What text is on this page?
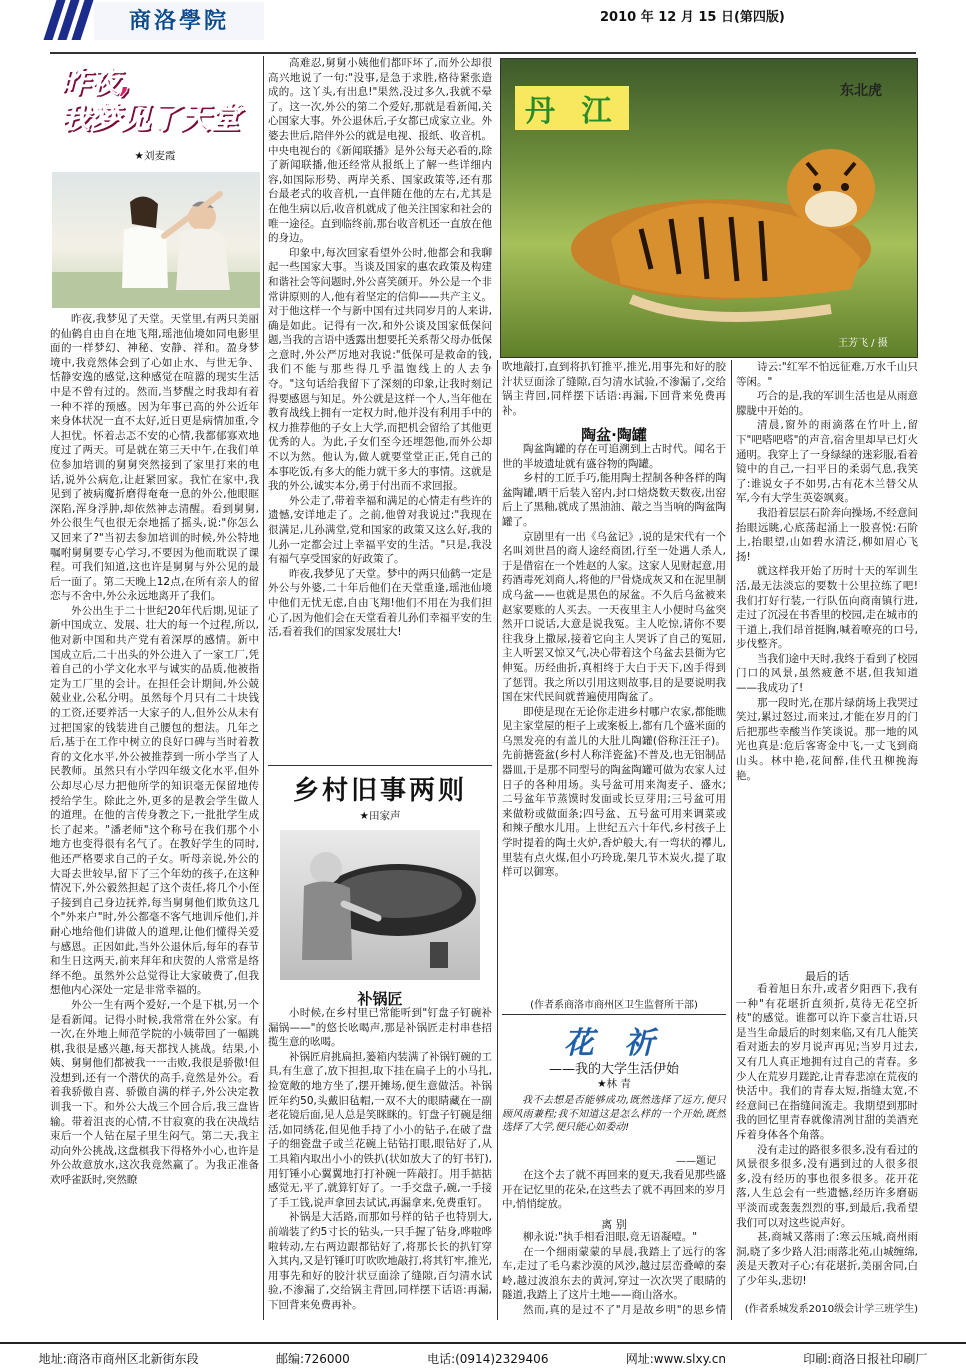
商洛學院	2010 年 12 月 15 日(第四版)
昨夜,
我梦见了天堂
★刘麦霞

昨夜,我梦见了天堂。天堂里,有两只美丽的仙鹤自由自在地飞翔,瑶池仙境如同电影里面的一样梦幻、神秘、安静、祥和。盈身梦境中,我竟然体会到了心如止水、与世无争、恬静安逸的感觉,这种感觉在喧嚣的现实生活中是不曾有过的。然而,当梦醒之时我却有着一种不祥的预感。因为年事已高的外公近年来身体状况一直不太好,近日更是病情加重,令人担忧。怀着忐忑不安的心情,我都郁寡欢地度过了两天。可是就在第三天中午,在我们单位参加培训的舅舅突然接到了家里打来的电话,说外公病危,让赶紧回家。我忙在家中,我见到了被病魔折磨得奄奄一息的外公,他眼眶深陷,浑身浮肿,却依然神志清醒。看到舅舅,外公很生气也很无奈地摇了摇头,说:"你怎么又回来了?"当初去参加培训的时候,外公特地嘱咐舅舅要专心学习,不要因为他而耽误了课程。可我们知道,这也许是舅舅与外公见的最后一面了。第二天晚上12点,在所有亲人的留恋与不舍中,外公永远地离开了我们。

外公出生于二十世纪20年代后期,见证了新中国成立、发展、壮大的每一个过程,所以,他对新中国和共产党有着深厚的感情。新中国成立后,二十出头的外公进入了一家工厂,凭着自己的小学文化水平与诚实的品质,他被指定为工厂里的会计。在担任会计期间,外公兢兢业业,公私分明。虽然每个月只有二十块钱的工资,还要养活一大家子的人,但外公从未有过把国家的钱装进自己腰包的想法。几年之后,基于在工作中树立的良好口碑与当时着教育的文化水平,外公被推荐到一所小学当了人民教师。虽然只有小学四年级文化水平,但外公却尽心尽力把他所学的知识毫无保留地传授给学生。除此之外,更多的是教会学生做人的道理。在他的言传身教之下,一批批学生成长了起来。"潘老师"这个称号在我们那个小地方也变得很有名气了。在教好学生的同时,他还严格要求自己的子女。听母亲说,外公的大哥去世较早,留下了三个年幼的孩子,在这种情况下,外公毅然担起了这个责任,将几个小侄子接到自己身边抚养,每当舅舅他们欺负这几个"外来户"时,外公都毫不客气地训斥他们,并耐心地给他们讲做人的道理,让他们懂得关爱与感恩。正因如此,当外公退休后,每年的春节和生日这两天,前来拜年和庆贺的人常常是络绎不绝。虽然外公总觉得让大家破费了,但我想他内心深处一定是非常幸福的。

外公一生有两个爱好,一个是下棋,另一个是看新闻。记得小时候,我常常在外公家。有一次,在外地上师范学院的小姨带回了一幅跳棋,我很是感兴趣,每天都找人挑战。结果,小姨、舅舅他们都被我一一击败,我很是骄傲!但没想到,还有一个潜伏的高手,竟然是外公。看着我骄傲自喜、骄傲自满的样子,外公决定教训我一下。和外公大战三个回合后,我三盘皆输。带着沮丧的心情,不甘寂寞的我在决战结束后一个人钻在屋子里生闷气。第二天,我主动向外公挑战,这盘棋我下得格外小心,也许是外公故意放水,这次我竟然赢了。为我正准备欢呼雀跃时,突然瞭

高难忍,舅舅小姨他们都吓坏了,而外公却很高兴地说了一句:"没事,是急于求胜,格待紧张造成的。这丫头,有出息!"果然,没过多久,我就不晕了。这一次,外公的第二个爱好,那就是看新闻,关心国家大事。外公退休后,子女都已成家立业。外婆去世后,陪伴外公的就是电视、报纸、收音机。中央电视台的《新闻联播》是外公每天必看的,除了新闻联播,他还经常从报纸上了解一些详细内容,如国际形势、两岸关系、国家政策等,还有那台最老式的收音机,一直伴随在他的左右,尤其是在他生病以后,收音机就成了他关注国家和社会的唯一途径。直到临终前,那台收音机还一直放在他的身边。

印象中,每次回家看望外公时,他都会和我聊起一些国家大事。当谈及国家的惠农政策及构建和谐社会等问题时,外公喜笑颜开。外公是一个非常讲原则的人,他有着坚定的信仰——共产主义。对于他这样一个与新中国有过共同岁月的人来讲,确是如此。记得有一次,和外公谈及国家低保问题,当我的言语中透露出想要托关系帮父母办低保之意时,外公严厉地对我说:"低保可是救命的钱,我们不能与那些得几乎温饱线上的人去争夺。"这句话给我留下了深刻的印象,让我时刻记得要感恩与知足。外公就是这样一个人,当年他在教育战线上拥有一定权力时,他并没有利用手中的权力推荐他的子女上大学,而把机会留给了其他更优秀的人。为此,子女们至今还埋怨他,而外公却不以为然。他认为,做人就要堂堂正正,凭自己的本事吃饭,有多大的能力就干多大的事情。这就是我的外公,诚实本分,勇于付出而不求回报。

外公走了,带着幸福和满足的心情走有些许的遗憾,安详地走了。之前,他曾对我说过:"我现在很满足,儿孙满堂,党和国家的政策又这么好,我的儿孙一定都会过上幸福平安的生活。"只是,我没有福气享受国家的好政策了。

昨夜,我梦见了天堂。梦中的两只仙鹤一定是外公与外婆,二十年后他们在天堂重逢,瑶池仙境中他们无忧无虑,自由飞翔!他们不用在为我们担心了,因为他们会在天堂看着儿孙们幸福平安的生活,看着我们的国家发展壮大!

乡村旧事两则
★田家声
补锅匠

小时候,在乡村里已常能听到"钉盘子钉碗补漏锅——"的悠长吆喝声,那是补锅匠走村串巷招揽生意的吆喝。

补锅匠肩挑扁担,篓箱内装满了补锅钉碗的工具,有生意了,放下担担,取下挂在扁子上的小马扎,捡宽敞的地方坐了,摆开摊场,便生意做活。补锅匠年约50,头戴旧毡帽,一双不大的眼睛藏在一副老花镜后面,见人总是笑眯眯的。钉盘子钉碗是细活,如同绣花,但见他手持了小小的钻子,在破了盘子的细瓷盘子或兰花碗上钻钻打眼,眼钻好了,从工具箱内取出小小的铁扒(状如放大了的钉书钉),用钉锤小心翼翼地打打补碗一阵敲打。用手掂掂感觉无,平了,就算钉好了。一手交盘子,碗,一手接了手工钱,说声拿回去试试,再漏拿来,免费重钉。

补锅是大活路,而那如号样的钻子也特别大,前端装了约5寸长的钻头,一只手握了钻身,哗啦哗啦转动,左右两边跟都钻好了,将那长长的扒钉穿入其内,又是钉锤叮叮吹吹地敲打,将其钉牢,推光,用事先和好的胶汁状豆面涂了缝隙,百匀清水试验,不渗漏了,交给锅主背回,同样摆下话语:再漏,下回背来免费再补。

丹 江
东北虎
王芳飞 / 摄

吹地敲打,直到将扒钉推平,推光,用事先和好的胶汁状豆面涂了缝隙,百匀清水试验,不渗漏了,交给锅主背回,同样摆下话语:再漏,下回背来免费再补。

陶盆·陶罐

陶盆陶罐的存在可追溯到上古时代。闻名于世的半坡遗址就有盛谷物的陶罐。

乡村的工匠手巧,能用陶土捏制各种各样的陶盆陶罐,晒干后装入窑内,封口焙烧数天数夜,出窑后上了黑釉,就成了黑油油、敲之当当响的陶盆陶罐了。

京剧里有一出《乌盆记》,说的是宋代有一个名叫刘世昌的商人途经商团,行至一处遇人杀人,于是借宿在一个姓赵的人家。这家人见财起意,用药酒毒死刘商人,将他的尸骨烧成灰又和在泥里制成乌盆——也就是黑色的尿盆。不久后乌盆被来赵家要账的人买去。一天夜里主人小便时乌盆突然开口说话,大意是说我冤。主人吃惊,请你不要往我身上撒尿,接着它向主人哭诉了自己的冤屈,主人听罢又惊又气,决心带着这个乌盆去县衙为它伸冤。历经曲折,真相终于大白于天下,凶手得到了惩罚。我之所以引用这则故事,目的是要说明我国在宋代民间就普遍使用陶盆了。

即使是现在无论你走进乡村哪户农家,都能瞧见主家堂屋的柜子上或案板上,都有几个盛米面的乌黑发亮的有盖儿的大肚儿陶罐(俗称汪汪子)。先前搪瓷盆(乡村人称洋瓷盆)不普及,也无铝制品器皿,于是那不同型号的陶盆陶罐可做为农家人过日子的各种用场。头号盆可用来淘麦子、盛水;二号盆年节蒸馍时发面或长豆芽用;三号盆可用来做粉或做面条;四号盆、五号盆可用来调菜或和辣子酿水儿用。上世纪五六十年代,乡村孩子上学时提着的陶土火炉,香炉般大,有一弯状的襻儿,里装有点火煤,但小巧玲珑,架几节木炭火,提了取样可以御寒。

(作者系商洛市商州区卫生监督所干部)
花 祈
——我的大学生活伊始
★林 青

我不去想是否能够成功,既然选择了远方,便只顾风雨兼程;我不知道这是怎么样的一个开始,既然选择了大学,便只能心如委动!

——题记

在这个去了就不再回来的夏天,我看见那些盛开在记忆里的花朵,在这些去了就不再回来的岁月中,悄悄绽放。

离 别

柳永说:"执手相看泪眼,竟无语凝噎。"

在一个细雨蒙蒙的早晨,我踏上了远行的客车,走过了毛乌素沙漠的风沙,越过层峦叠嶂的秦岭,越过波浪东去的黄河,穿过一次次哭了眼睛的隧道,我踏上了这片土地——商山洛水。

然而,真的是过不了"月是故乡明"的思乡情

诗云:"红军不怕远征难,万水千山只等闲。"

巧合的是,我的军训生活也是从雨意朦胧中开始的。

清晨,窗外的雨滴落在竹叶上,留下"吧嗒吧嗒"的声音,宿舍里却早已灯火通明。我穿上了一身绿绿的迷彩服,看着镜中的自己,一扫平日的柔弱气息,我笑了:谁说女子不如男,古有花木兰替父从军,今有大学生英姿飒爽。

我沿着层层石阶奔向操场,不经意间抬眼远眺,心底荡起涌上一股喜悦:石阶上,抬眼望,山如碧水清泛,柳如眉心飞扬!

就这样我开始了历时十天的军训生活,最无法淡忘的要数十公里拉练了吧!我们打好行装,一行队伍向商南镇行进,走过了沉浸在书香里的校园,走在城市的干道上,我们昂首挺胸,喊着嘹亮的口号,步伐整齐。

当我们途中天时,我终于看到了校园门口的风景,虽然疲惫不堪,但我知道——我成功了!

那一段时光,在那片绿荫场上我哭过笑过,累过怒过,而来过,才能在岁月的门后把那些幸酸当作笑谈说。那一地的风光也真是:危后客寄金中飞,一丈飞到商山头。林中艳,花间醉,佳代丑柳挽海艳。

最后的话

看着旭日东升,或者夕阳西下,我有一种"有花堪折直须折,莫待无花空折枝"的感觉。谁都可以许下豪言壮语,只是当生命最后的时刻来临,又有几人能笑看对逝去的岁月说声再见;当岁月过去,又有几人真正地拥有过自己的青春。多少人在荒岁月蹉跎,让青春悲凉在荒夜的快活中。我们的青春太短,指缝太宽,不经意间已在指缝间流走。我期望到那时我的回忆里青春就像清冽甘甜的美酒充斥着身体各个角落。

没有走过的路很多很多,没有看过的风景很多很多,没有遇到过的人很多很多,没有经历的事也很多很多。花开花落,人生总会有一些遗憾,经历许多磨砺平淡而或轰轰烈烈的事,到最后,我希望我们可以对这些说声好。

甚,商城又落雨了:寒云压城,商州雨洞,晓了多少路人泪;雨落北苑,山城缠绵,羡是天教对子心;有花堪折,美丽舍同,白了少年头,悲切!

(作者系城发系2010级会计学三班学生)
地址:商洛市商州区北新街东段	邮编:726000	电话:(0914)2329406	网址:www.slxy.cn	印刷:商洛日报社印刷厂
